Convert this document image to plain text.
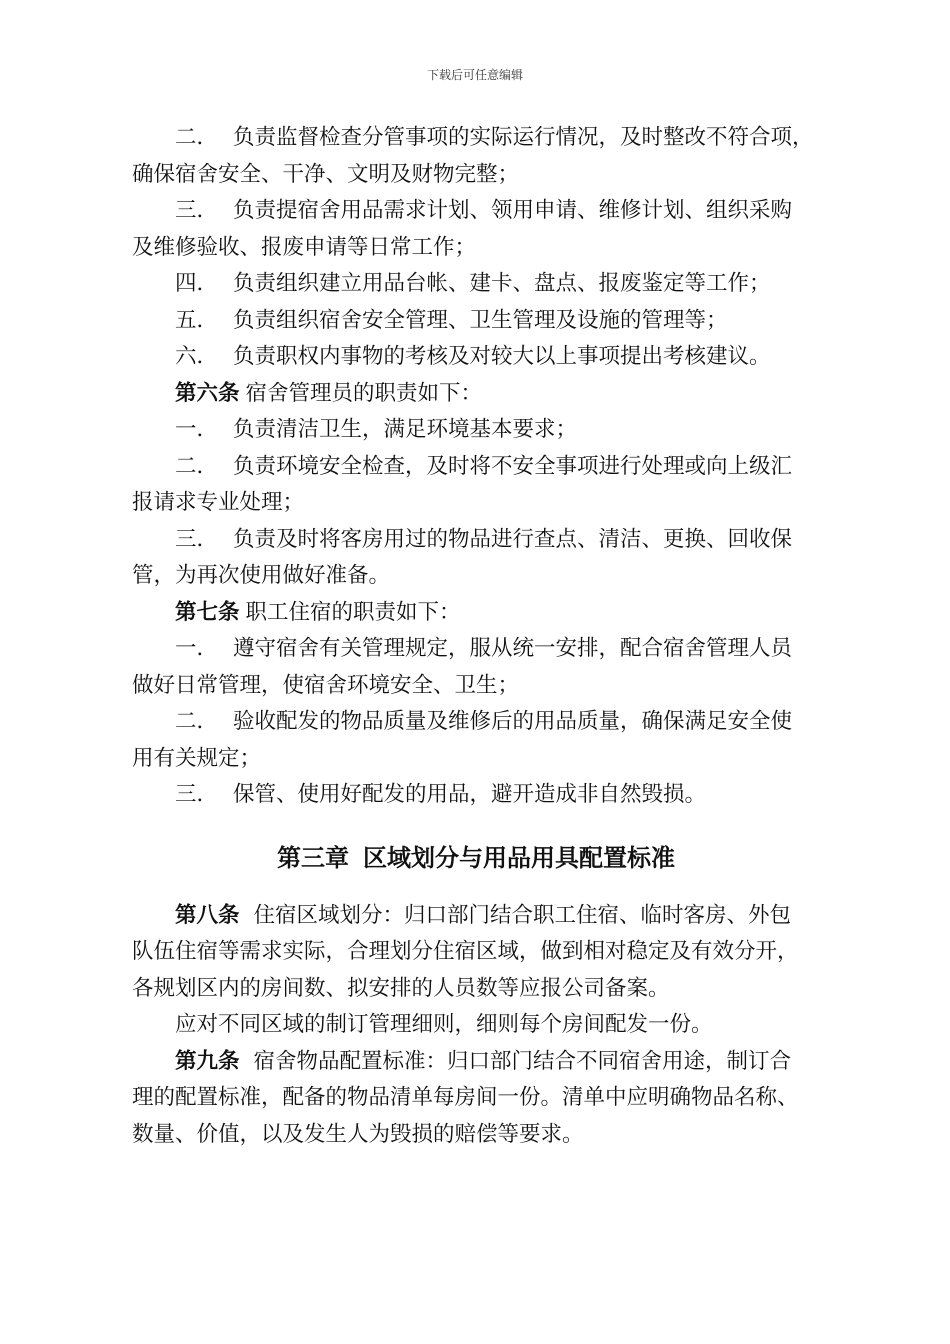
下载后可任意编辑
二． 负责监督检查分管事项的实际运行情况，及时整改不符合项，
确保宿舍安全、干净、文明及财物完整；
三． 负责提宿舍用品需求计划、领用申请、维修计划、组织采购
及维修验收、报废申请等日常工作；
四． 负责组织建立用品台帐、建卡、盘点、报废鉴定等工作；
五． 负责组织宿舍安全管理、卫生管理及设施的管理等；
六． 负责职权内事物的考核及对较大以上事项提出考核建议。
第六条 宿舍管理员的职责如下：
一． 负责清洁卫生，满足环境基本要求；
二． 负责环境安全检查，及时将不安全事项进行处理或向上级汇
报请求专业处理；
三． 负责及时将客房用过的物品进行查点、清洁、更换、回收保
管，为再次使用做好准备。
第七条 职工住宿的职责如下：
一． 遵守宿舍有关管理规定，服从统一安排，配合宿舍管理人员
做好日常管理，使宿舍环境安全、卫生；
二． 验收配发的物品质量及维修后的用品质量，确保满足安全使
用有关规定；
三． 保管、使用好配发的用品，避开造成非自然毁损。
第三章 区域划分与用品用具配置标准
第八条 住宿区域划分：归口部门结合职工住宿、临时客房、外包
队伍住宿等需求实际，合理划分住宿区域，做到相对稳定及有效分开，
各规划区内的房间数、拟安排的人员数等应报公司备案。
应对不同区域的制订管理细则，细则每个房间配发一份。
第九条 宿舍物品配置标准：归口部门结合不同宿舍用途，制订合
理的配置标准，配备的物品清单每房间一份。清单中应明确物品名称、
数量、价值，以及发生人为毁损的赔偿等要求。
